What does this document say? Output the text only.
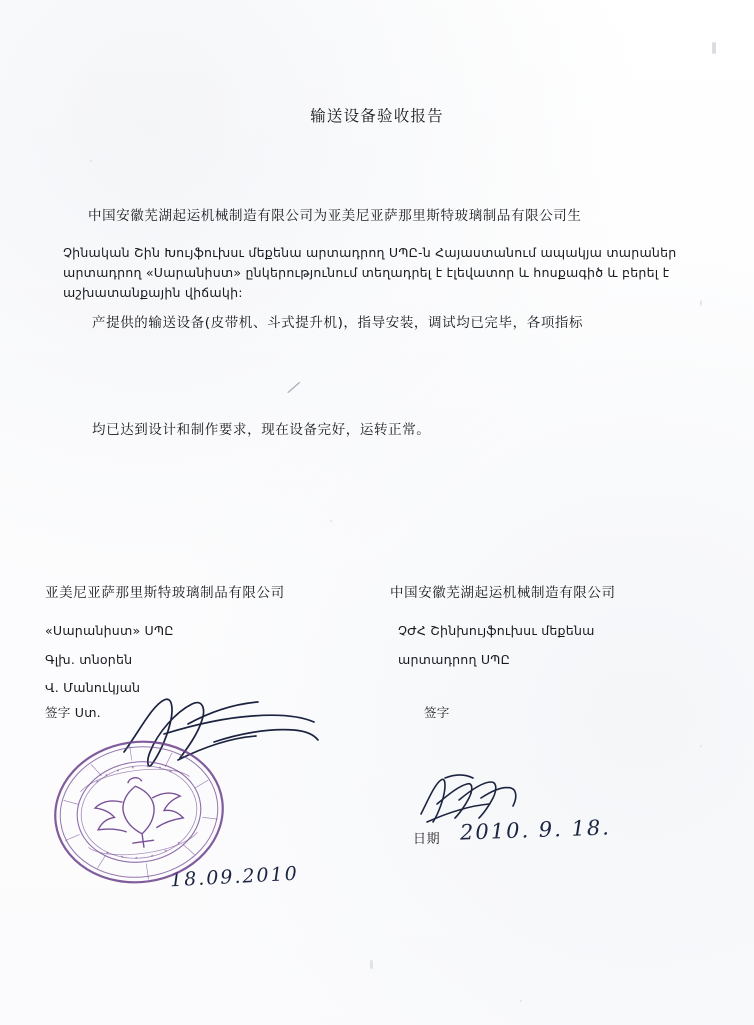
⁄
输送设备验收报告
中国安徽芜湖起运机械制造有限公司为亚美尼亚萨那里斯特玻璃制品有限公司生
Չինական Շին Խույֆուխսւ մեքենա արտադրող ՍՊԸ-ն Հայաստանում ապակյա տարաներ արտադրող «Սարանիստ» ընկերությունում տեղադրել է էլեվատոր և հոսքագիծ և բերել է աշխատանքային վիճակի:
产提供的输送设备(皮带机、斗式提升机)，指导安装，调试均已完毕，各项指标
均已达到设计和制作要求，现在设备完好，运转正常。
亚美尼亚萨那里斯特玻璃制品有限公司	中国安徽芜湖起运机械制造有限公司
«Սարանիստ» ՍՊԸ
Գլխ. տնօրեն
Վ. Մանուկյան
签字 Ստ.
ՉԺՀ Շինխույֆուխսւ մեքենա
արտադրող ՍՊԸ
签字
日期 2010. 9. 18.
18.09.2010
